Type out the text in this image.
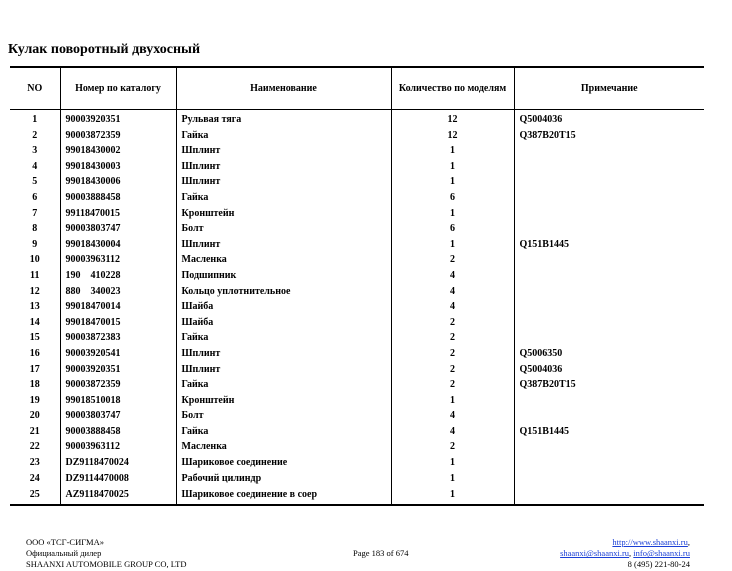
Кулак поворотный двухосный
NO	Номер по каталогу	Наименование	Количество по моделям	Примечание
1	90003920351	Рульвая тяга	12	Q5004036
2	90003872359	Гайка	12	Q387B20T15
3	99018430002	Шплинт	1	
4	99018430003	Шплинт	1	
5	99018430006	Шплинт	1	
6	90003888458	Гайка	6	
7	99118470015	Кронштейн	1	
8	90003803747	Болт	6	
9	99018430004	Шплинт	1	Q151B1445
10	90003963112	Масленка	2	
11	190    410228	Подшипник	4	
12	880    340023	Кольцо уплотнительное	4	
13	99018470014	Шайба	4	
14	99018470015	Шайба	2	
15	90003872383	Гайка	2	
16	90003920541	Шплинт	2	Q5006350
17	90003920351	Шплинт	2	Q5004036
18	90003872359	Гайка	2	Q387B20T15
19	99018510018	Кронштейн	1	
20	90003803747	Болт	4	
21	90003888458	Гайка	4	Q151B1445
22	90003963112	Масленка	2	
23	DZ9118470024	Шариковое соединение	1	
24	DZ9114470008	Рабочий цилиндр	1	
25	AZ9118470025	Шариковое соединение в соер	1	
ООО «ТСГ-СИГМА»
Официальный дилер
SHAANXI AUTOMOBILE GROUP CO, LTD
Page 183 of 674
http://www.shaanxi.ru,
shaanxi@shaanxi.ru, info@shaanxi.ru
8 (495) 221-80-24
